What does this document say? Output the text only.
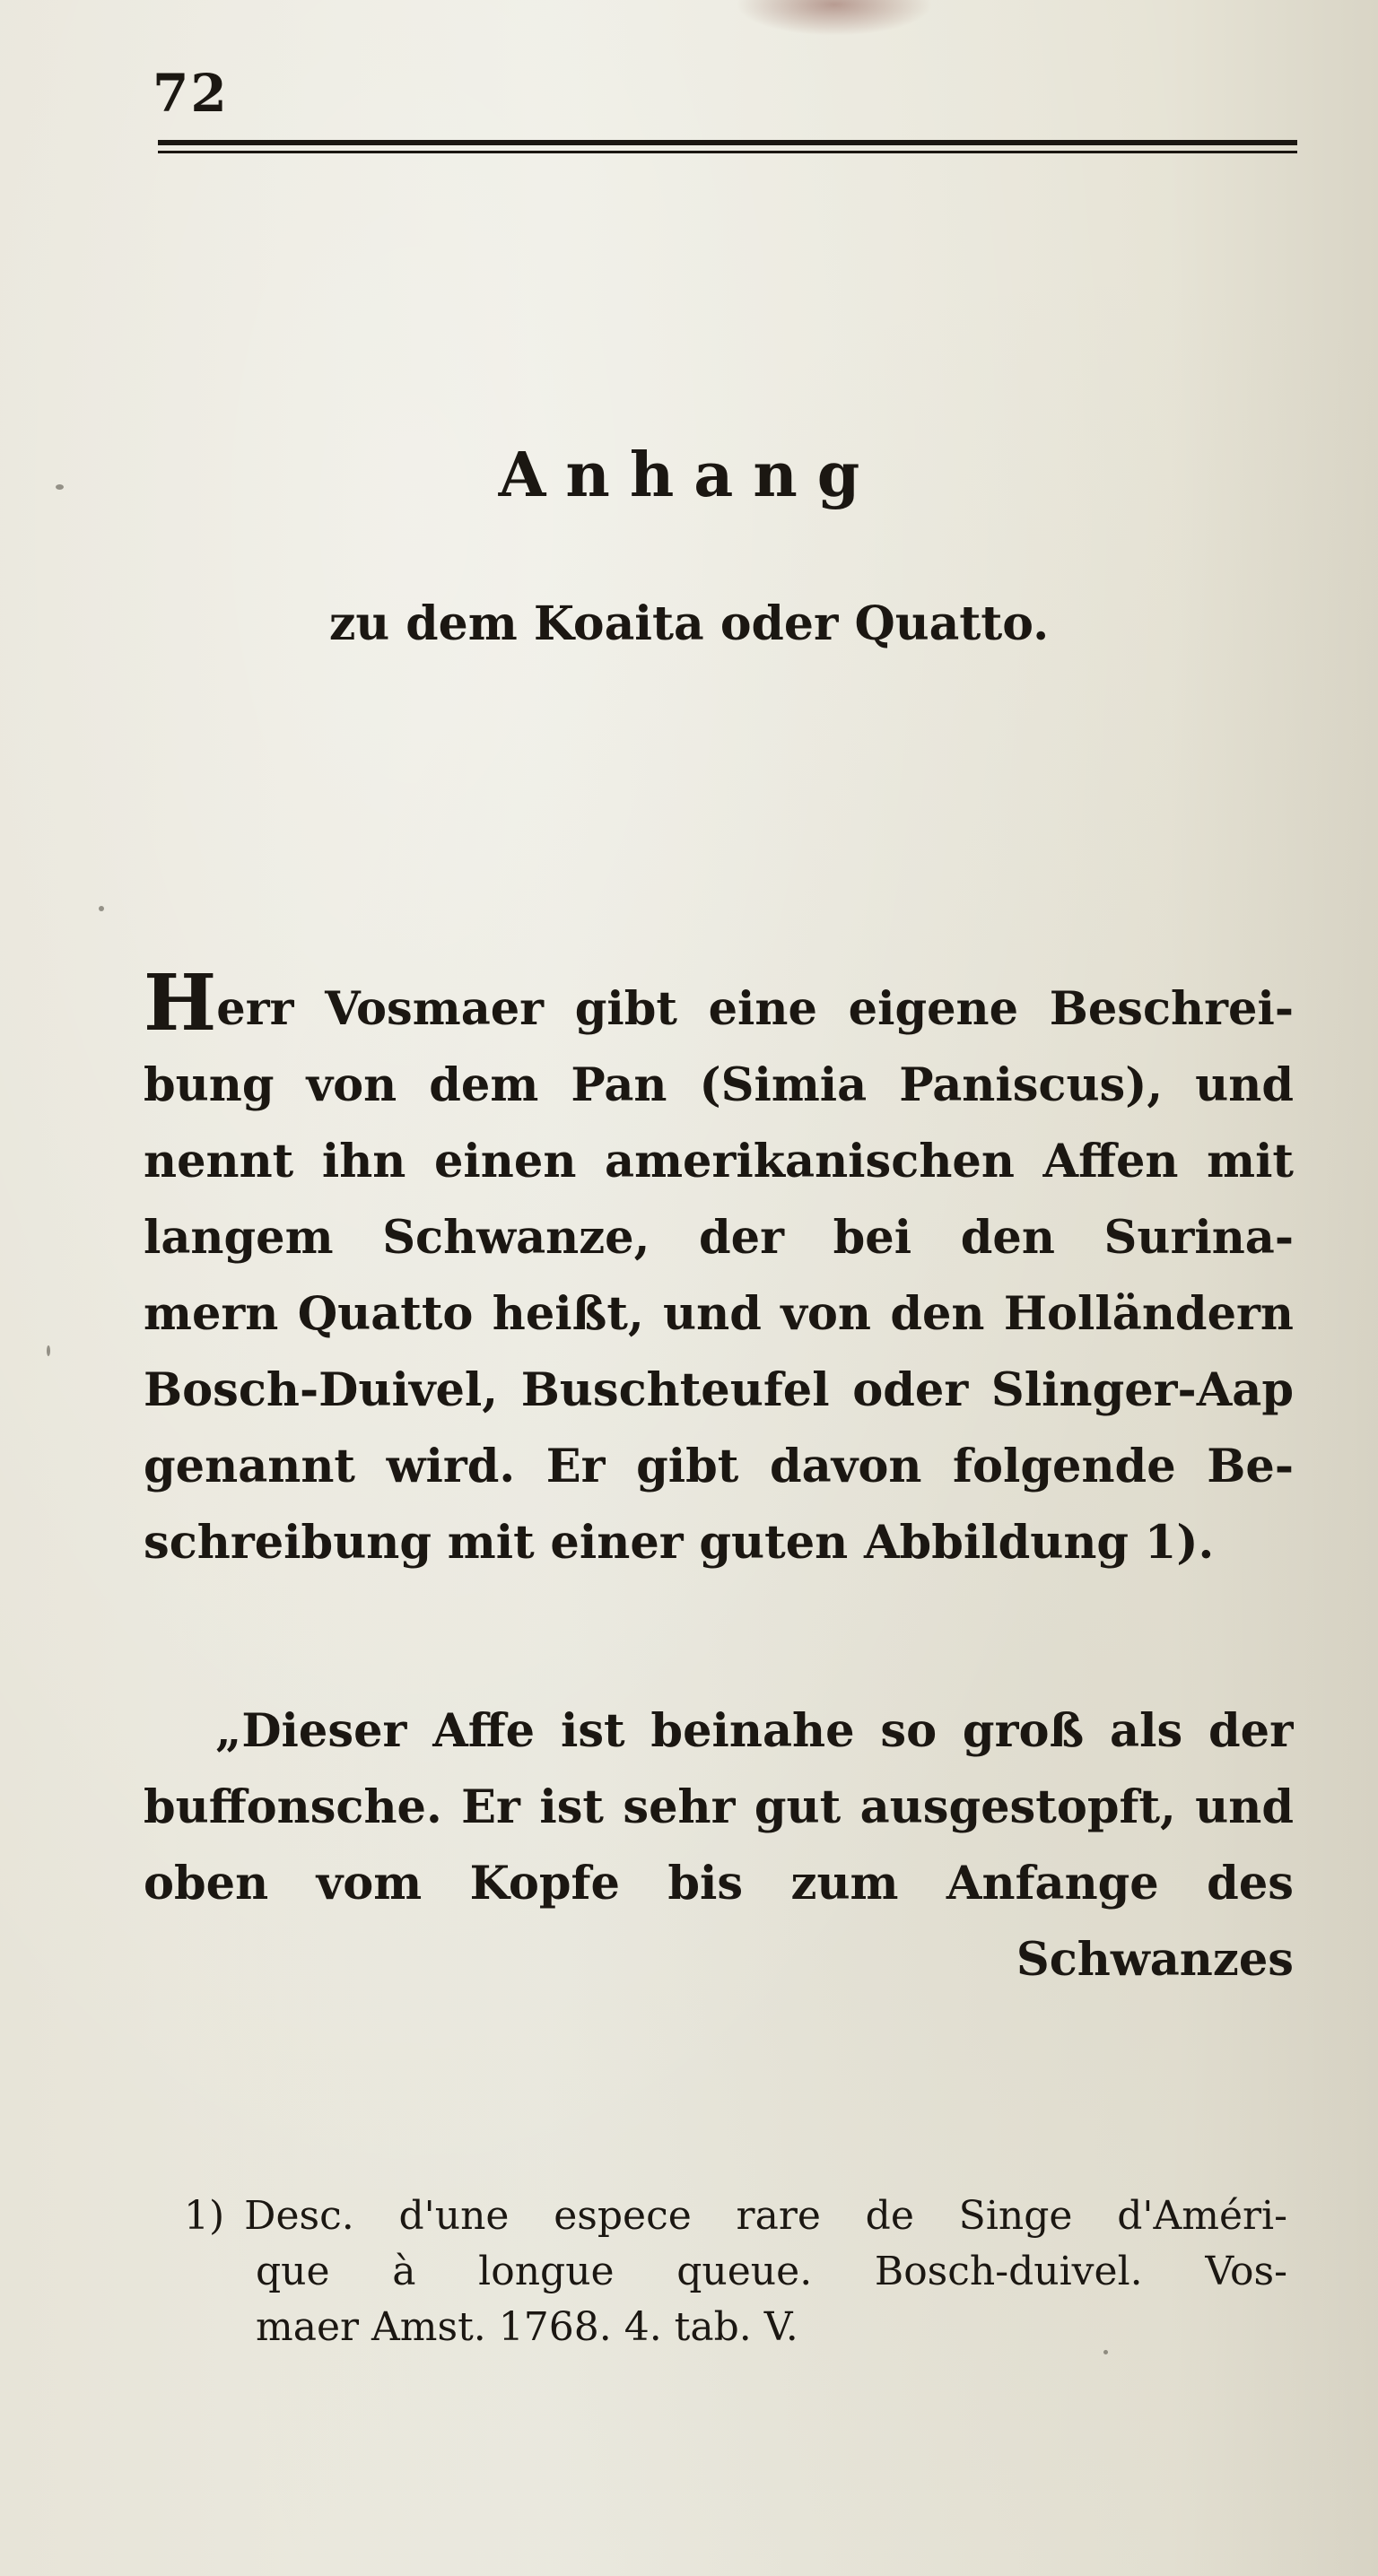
72
Anhang
zu dem Koaita oder Quatto.
Herr Vosmaer gibt eine eigene Beschrei-
bung von dem Pan (Simia Paniscus), und
nennt ihn einen amerikanischen Affen mit
langem Schwanze, der bei den Surina-
mern Quatto heißt, und von den Holländern
Bosch-Duivel, Buschteufel oder Slinger-Aap
genannt wird. Er gibt davon folgende Be-
schreibung mit einer guten Abbildung 1).
„Dieser Affe ist beinahe so groß als der
buffonsche. Er ist sehr gut ausgestopft, und
oben vom Kopfe bis zum Anfange des
Schwanzes
1) Desc. d'une espece rare de Singe d'Améri-
que à longue queue. Bosch-duivel. Vos-
maer Amst. 1768. 4. tab. V.
